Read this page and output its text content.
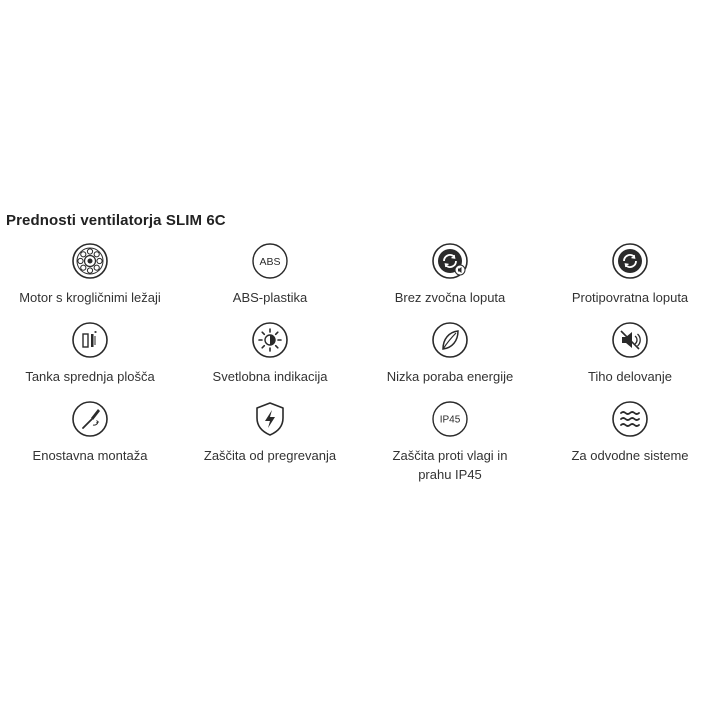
Prednosti ventilatorja SLIM 6C
Motor s krogličnimi ležaji
ABS
ABS-plastika	Brez zvočna loputa	Protipovratna loputa
Tanka sprednja plošča	Svetlobna indikacija	Nizka poraba energije	Tiho delovanje
Enostavna montaža	Zaščita od pregrevanja
IP45
Zaščita proti vlagi in prahu IP45
Za odvodne sisteme
